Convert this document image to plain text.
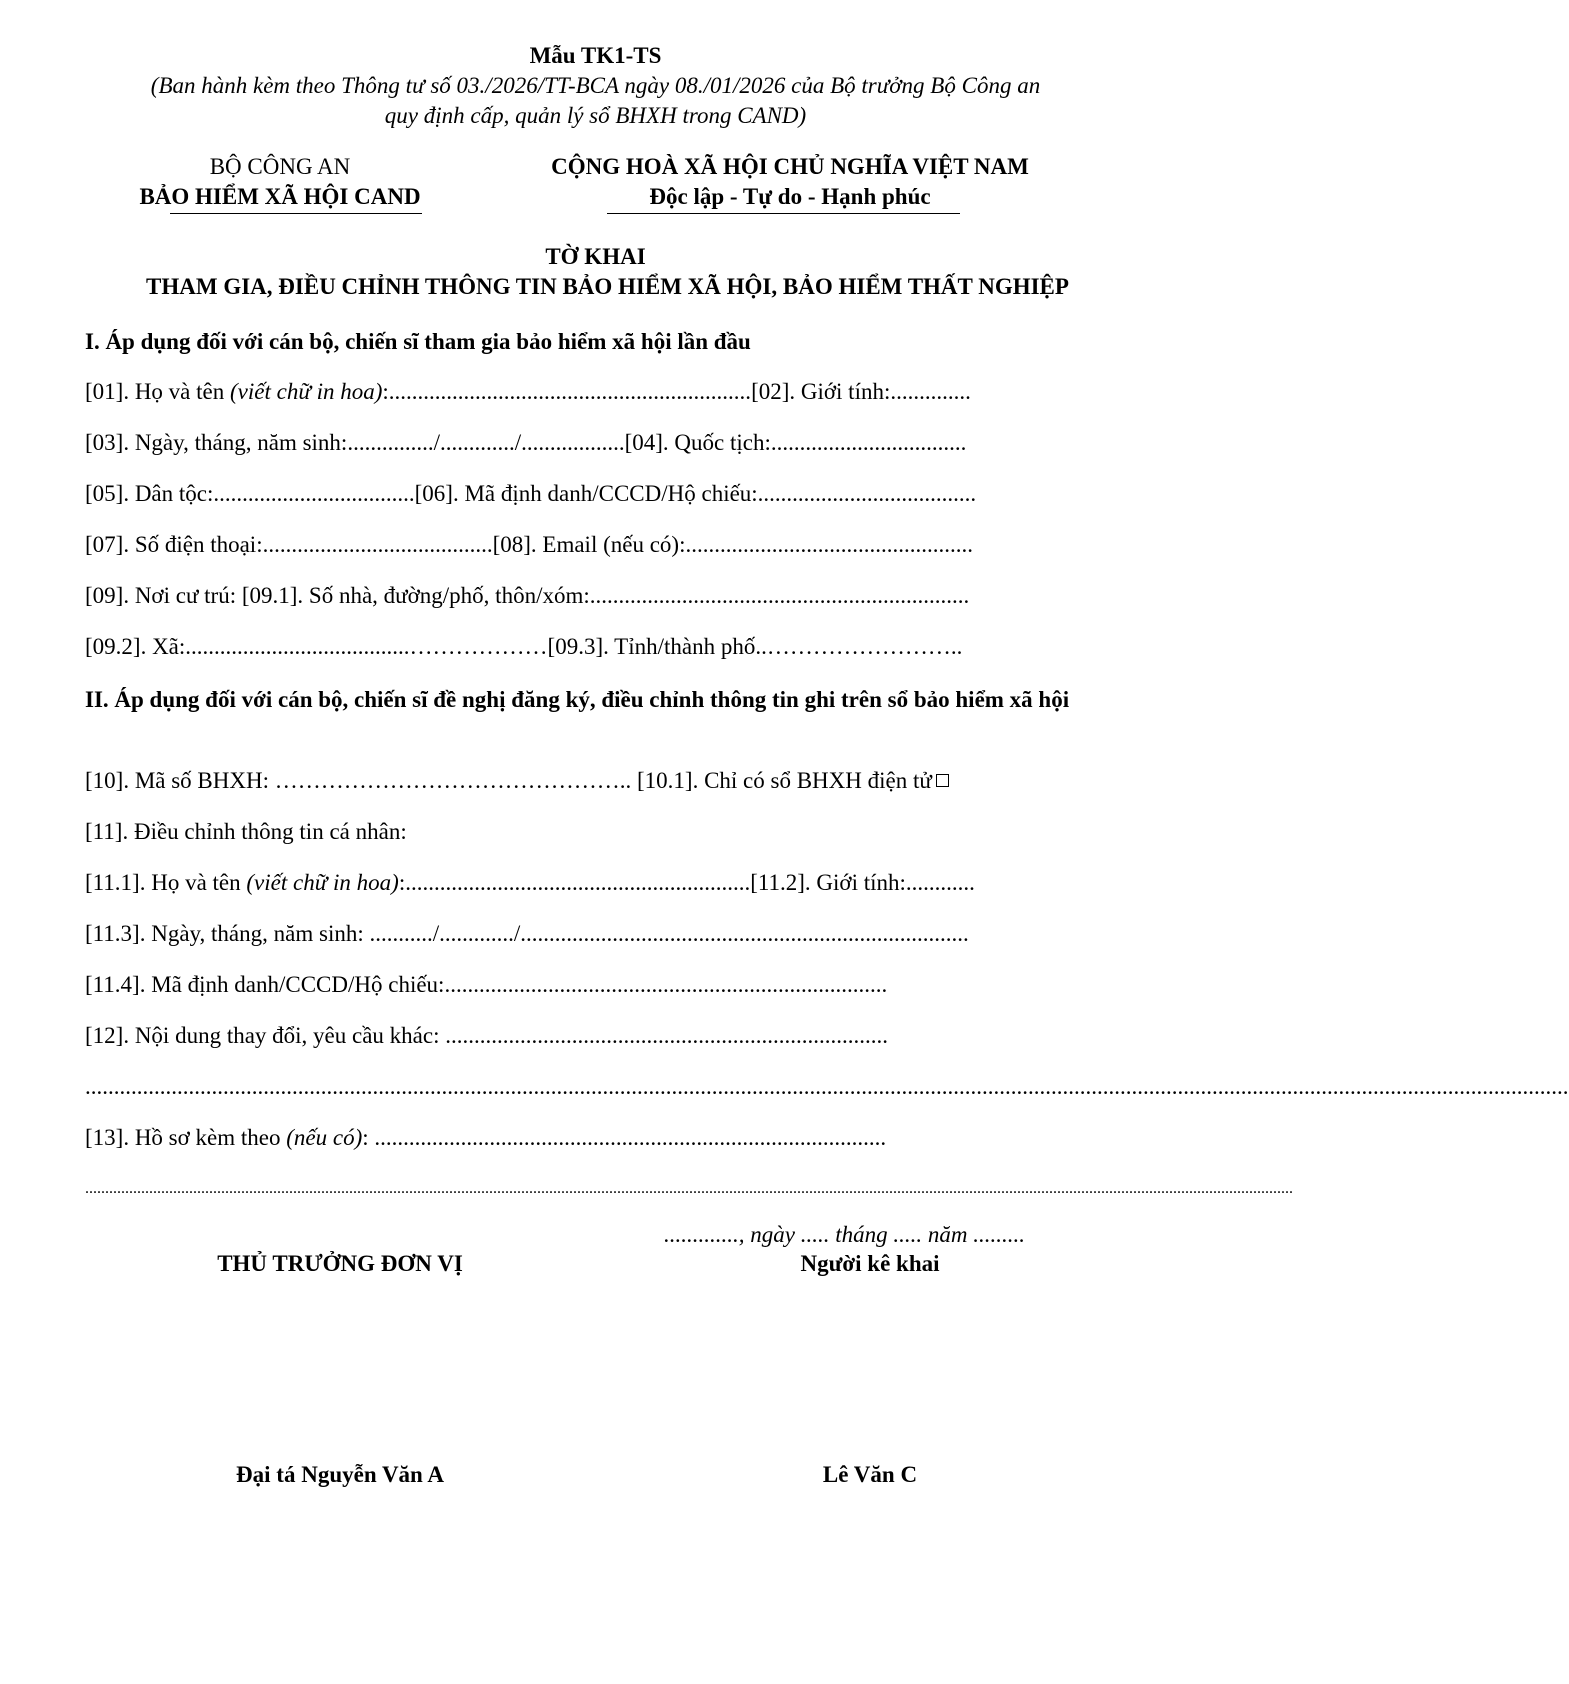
Mẫu TK1-TS
(Ban hành kèm theo Thông tư số 03./2026/TT-BCA ngày 08./01/2026 của Bộ trưởng Bộ Công an
quy định cấp, quản lý sổ BHXH trong CAND)
BỘ CÔNG AN
BẢO HIỂM XÃ HỘI CAND
CỘNG HOÀ XÃ HỘI CHỦ NGHĨA VIỆT NAM
Độc lập - Tự do - Hạnh phúc
TỜ KHAI
THAM GIA, ĐIỀU CHỈNH THÔNG TIN BẢO HIỂM XÃ HỘI, BẢO HIỂM THẤT NGHIỆP
I. Áp dụng đối với cán bộ, chiến sĩ tham gia bảo hiểm xã hội lần đầu
[01]. Họ và tên (viết chữ in hoa):...............................................................[02]. Giới tính:..............
[03]. Ngày, tháng, năm sinh:.............../............./..................[04]. Quốc tịch:..................................
[05]. Dân tộc:...................................[06]. Mã định danh/CCCD/Hộ chiếu:......................................
[07]. Số điện thoại:........................................[08]. Email (nếu có):..................................................
[09]. Nơi cư trú: [09.1]. Số nhà, đường/phố, thôn/xóm:..................................................................
[09.2]. Xã:.......................................………………[09.3]. Tỉnh/thành phố..……………………..
II. Áp dụng đối với cán bộ, chiến sĩ đề nghị đăng ký, điều chỉnh thông tin ghi trên sổ bảo hiểm xã hội
[10]. Mã số BHXH: ……………………………………….. [10.1]. Chỉ có sổ BHXH điện tử
[11]. Điều chỉnh thông tin cá nhân:
[11.1]. Họ và tên (viết chữ in hoa):............................................................[11.2]. Giới tính:............
[11.3]. Ngày, tháng, năm sinh: .........../............./..............................................................................
[11.4]. Mã định danh/CCCD/Hộ chiếu:.............................................................................
[12]. Nội dung thay đổi, yêu cầu khác: .............................................................................
..................................................................................................................................................................................................................................................................
[13]. Hồ sơ kèm theo (nếu có): .........................................................................................
..............................................................................................................................................................................................................................................................................................................
............., ngày ..... tháng ..... năm .........
THỦ TRƯỞNG ĐƠN VỊ	Người kê khai
Đại tá Nguyễn Văn A	Lê Văn C
